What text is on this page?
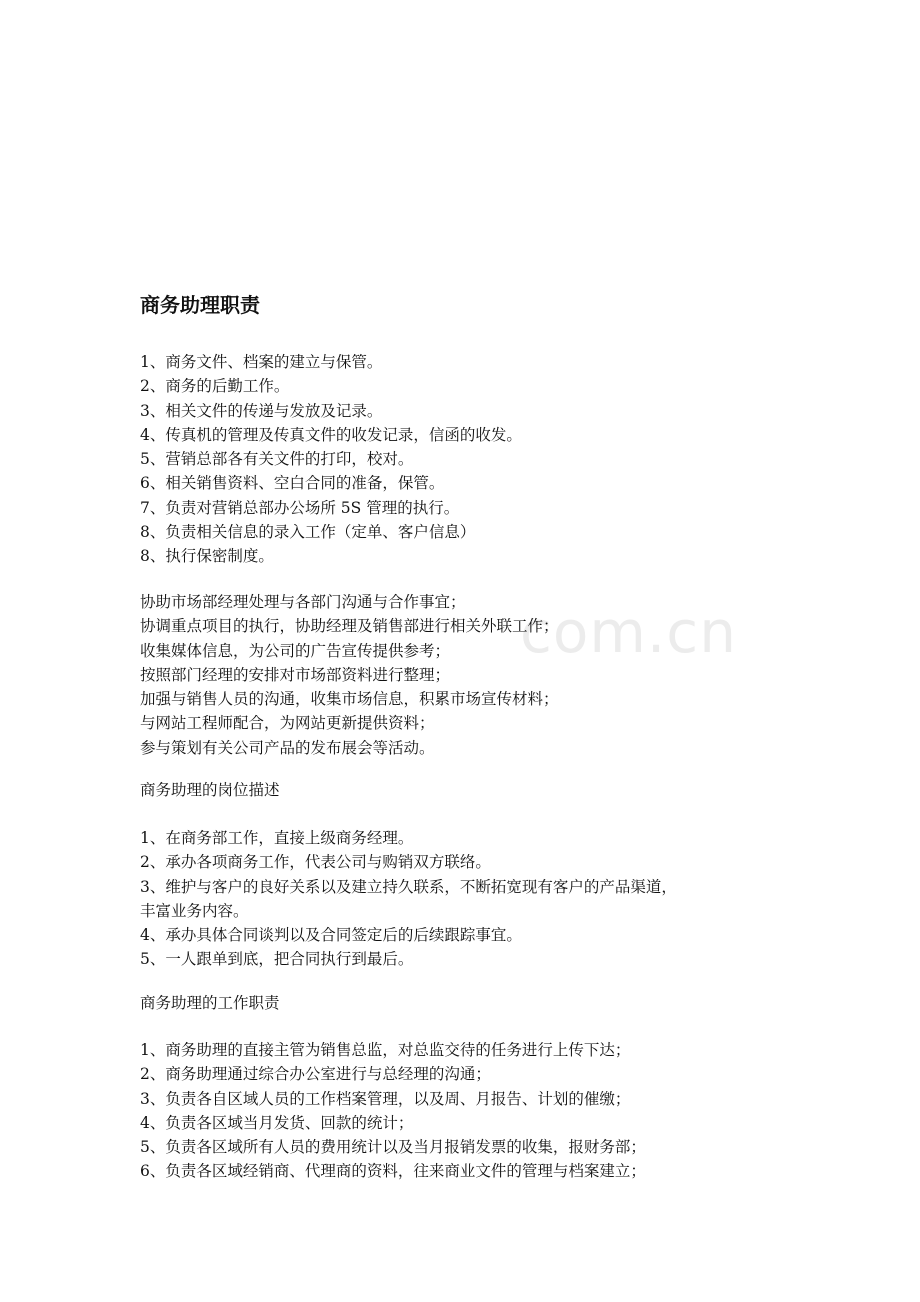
com.cn
商务助理职责
1、商务文件、档案的建立与保管。
2、商务的后勤工作。
3、相关文件的传递与发放及记录。
4、传真机的管理及传真文件的收发记录，信函的收发。
5、营销总部各有关文件的打印，校对。
6、相关销售资料、空白合同的准备，保管。
7、负责对营销总部办公场所 5S 管理的执行。
8、负责相关信息的录入工作（定单、客户信息）
8、执行保密制度。
协助市场部经理处理与各部门沟通与合作事宜；
协调重点项目的执行，协助经理及销售部进行相关外联工作；
收集媒体信息，为公司的广告宣传提供参考；
按照部门经理的安排对市场部资料进行整理；
加强与销售人员的沟通，收集市场信息，积累市场宣传材料；
与网站工程师配合，为网站更新提供资料；
参与策划有关公司产品的发布展会等活动。
商务助理的岗位描述
1、在商务部工作，直接上级商务经理。
2、承办各项商务工作，代表公司与购销双方联络。
3、维护与客户的良好关系以及建立持久联系，不断拓宽现有客户的产品渠道，
丰富业务内容。
4、承办具体合同谈判以及合同签定后的后续跟踪事宜。
5、一人跟单到底，把合同执行到最后。
商务助理的工作职责
1、商务助理的直接主管为销售总监，对总监交待的任务进行上传下达；
2、商务助理通过综合办公室进行与总经理的沟通；
3、负责各自区域人员的工作档案管理，以及周、月报告、计划的催缴；
4、负责各区域当月发货、回款的统计；
5、负责各区域所有人员的费用统计以及当月报销发票的收集，报财务部；
6、负责各区域经销商、代理商的资料，往来商业文件的管理与档案建立；
